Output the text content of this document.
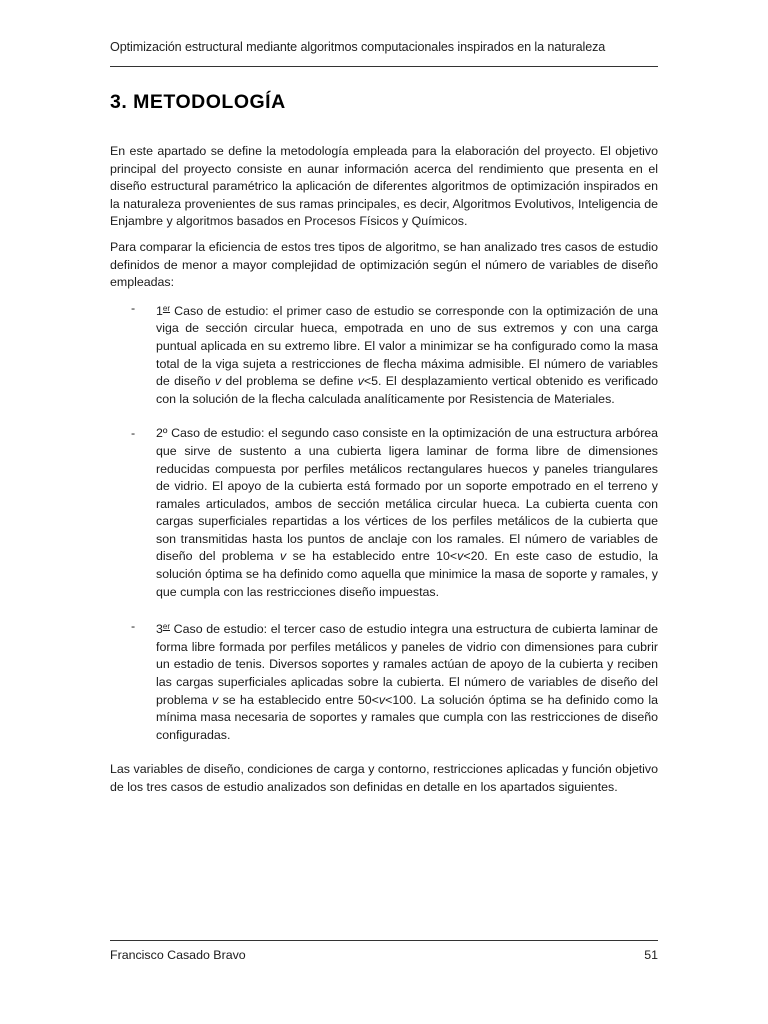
Optimización estructural mediante algoritmos computacionales inspirados en la naturaleza
3. METODOLOGÍA

En este apartado se define la metodología empleada para la elaboración del proyecto. El objetivo principal del proyecto consiste en aunar información acerca del rendimiento que presenta en el diseño estructural paramétrico la aplicación de diferentes algoritmos de optimización inspirados en la naturaleza provenientes de sus ramas principales, es decir, Algoritmos Evolutivos, Inteligencia de Enjambre y algoritmos basados en Procesos Físicos y Químicos.

Para comparar la eficiencia de estos tres tipos de algoritmo, se han analizado tres casos de estudio definidos de menor a mayor complejidad de optimización según el número de variables de diseño empleadas:

- 1er Caso de estudio: el primer caso de estudio se corresponde con la optimización de una viga de sección circular hueca, empotrada en uno de sus extremos y con una carga puntual aplicada en su extremo libre. El valor a minimizar se ha configurado como la masa total de la viga sujeta a restricciones de flecha máxima admisible. El número de variables de diseño v del problema se define v<5. El desplazamiento vertical obtenido es verificado con la solución de la flecha calculada analíticamente por Resistencia de Materiales.
- 2º Caso de estudio: el segundo caso consiste en la optimización de una estructura arbórea que sirve de sustento a una cubierta ligera laminar de forma libre de dimensiones reducidas compuesta por perfiles metálicos rectangulares huecos y paneles triangulares de vidrio. El apoyo de la cubierta está formado por un soporte empotrado en el terreno y ramales articulados, ambos de sección metálica circular hueca. La cubierta cuenta con cargas superficiales repartidas a los vértices de los perfiles metálicos de la cubierta que son transmitidas hasta los puntos de anclaje con los ramales. El número de variables de diseño del problema v se ha establecido entre 10<v<20. En este caso de estudio, la solución óptima se ha definido como aquella que minimice la masa de soporte y ramales, y que cumpla con las restricciones diseño impuestas.
- 3er Caso de estudio: el tercer caso de estudio integra una estructura de cubierta laminar de forma libre formada por perfiles metálicos y paneles de vidrio con dimensiones para cubrir un estadio de tenis. Diversos soportes y ramales actúan de apoyo de la cubierta y reciben las cargas superficiales aplicadas sobre la cubierta. El número de variables de diseño del problema v se ha establecido entre 50<v<100. La solución óptima se ha definido como la mínima masa necesaria de soportes y ramales que cumpla con las restricciones de diseño configuradas.

Las variables de diseño, condiciones de carga y contorno, restricciones aplicadas y función objetivo de los tres casos de estudio analizados son definidas en detalle en los apartados siguientes.

Francisco Casado Bravo	51
